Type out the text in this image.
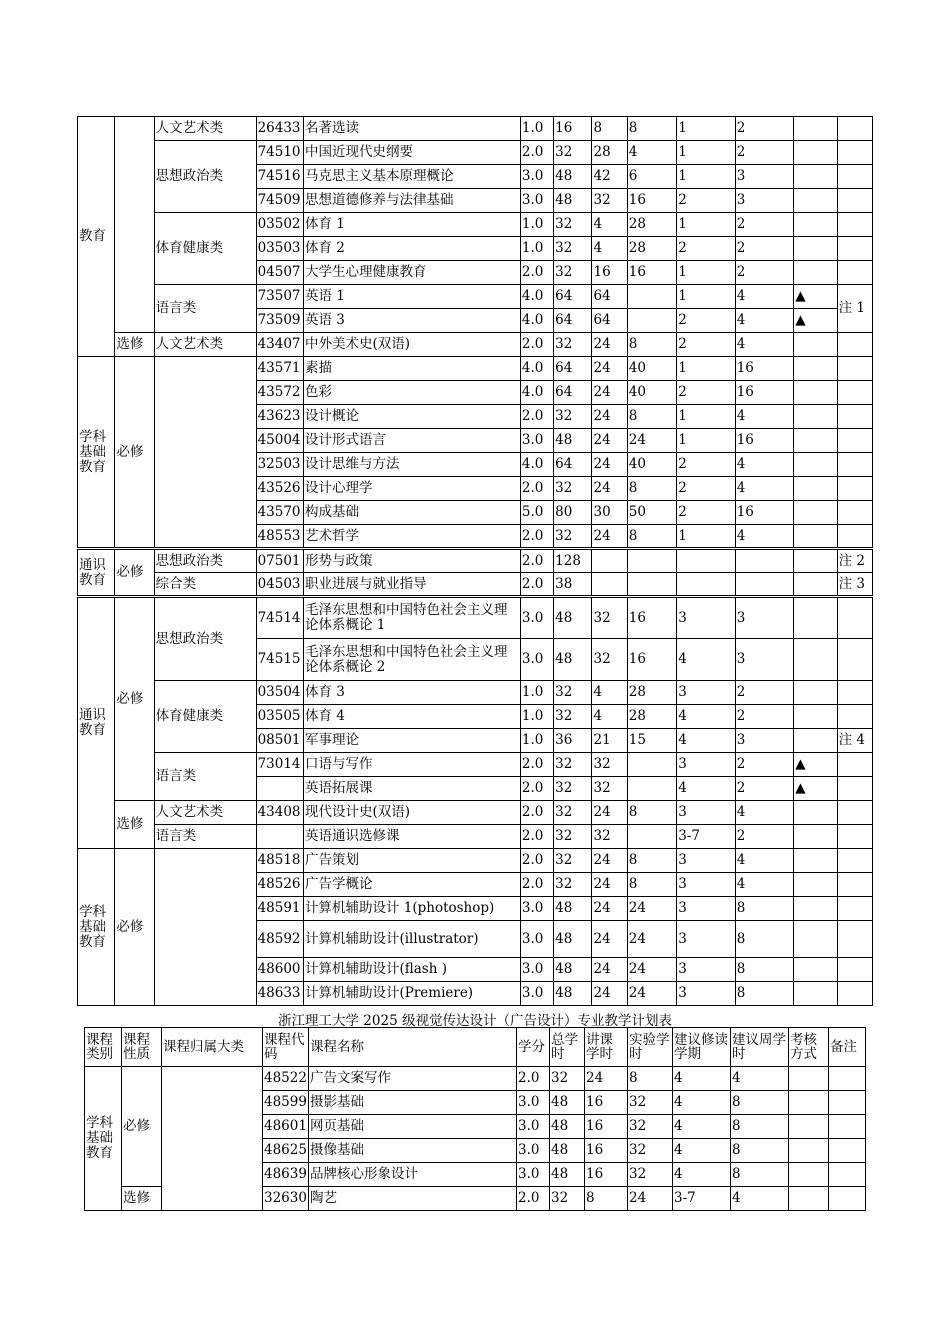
教育		人文艺术类	26433	名著选读	1.0	16	8	8	1	2		
		思想政治类	74510	中国近现代史纲要	2.0	32	28	4	1	2		
			74516	马克思主义基本原理概论	3.0	48	42	6	1	3		
			74509	思想道德修养与法律基础	3.0	48	32	16	2	3		
		体育健康类	03502	体育 1	1.0	32	4	28	1	2		
			03503	体育 2	1.0	32	4	28	2	2		
			04507	大学生心理健康教育	2.0	32	16	16	1	2		
		语言类	73507	英语 1	4.0	64	64		1	4	▲	注 1
			73509	英语 3	4.0	64	64		2	4	▲	
	选修	人文艺术类	43407	中外美术史(双语)	2.0	32	24	8	2	4		
学科基础教育	必修		43571	素描	4.0	64	24	40	1	16		
			43572	色彩	4.0	64	24	40	2	16		
			43623	设计概论	2.0	32	24	8	1	4		
			45004	设计形式语言	3.0	48	24	24	1	16		
			32503	设计思维与方法	4.0	64	24	40	2	4		
			43526	设计心理学	2.0	32	24	8	2	4		
			43570	构成基础	5.0	80	30	50	2	16		
			48553	艺术哲学	2.0	32	24	8	1	4		
通识教育	必修	思想政治类	07501	形势与政策	2.0	128						注 2
		综合类	04503	职业进展与就业指导	2.0	38						注 3
通识教育	必修	思想政治类	74514	毛泽东思想和中国特色社会主义理论体系概论 1	3.0	48	32	16	3	3		
			74515	毛泽东思想和中国特色社会主义理论体系概论 2	3.0	48	32	16	4	3		
		体育健康类	03504	体育 3	1.0	32	4	28	3	2		
			03505	体育 4	1.0	32	4	28	4	2		
			08501	军事理论	1.0	36	21	15	4	3		注 4
		语言类	73014	口语与写作	2.0	32	32		3	2	▲	
				英语拓展课	2.0	32	32		4	2	▲	
	选修	人文艺术类	43408	现代设计史(双语)	2.0	32	24	8	3	4		
		语言类		英语通识选修课	2.0	32	32		3-7	2		
学科基础教育	必修		48518	广告策划	2.0	32	24	8	3	4		
			48526	广告学概论	2.0	32	24	8	3	4		
			48591	计算机辅助设计 1(photoshop)	3.0	48	24	24	3	8		
			48592	计算机辅助设计(illustrator)	3.0	48	24	24	3	8		
			48600	计算机辅助设计(flash )	3.0	48	24	24	3	8		
			48633	计算机辅助设计(Premiere)	3.0	48	24	24	3	8		
浙江理工大学 2025 级视觉传达设计（广告设计）专业教学计划表
课程类别	课程性质	课程归属大类	课程代码	课程名称	学分	总学时	讲课学时	实验学时	建议修读学期	建议周学时	考核方式	备注
学科基础教育	必修		48522	广告文案写作	2.0	32	24	8	4	4		
			48599	摄影基础	3.0	48	16	32	4	8		
			48601	网页基础	3.0	48	16	32	4	8		
			48625	摄像基础	3.0	48	16	32	4	8		
			48639	品牌核心形象设计	3.0	48	16	32	4	8		
	选修		32630	陶艺	2.0	32	8	24	3-7	4		
